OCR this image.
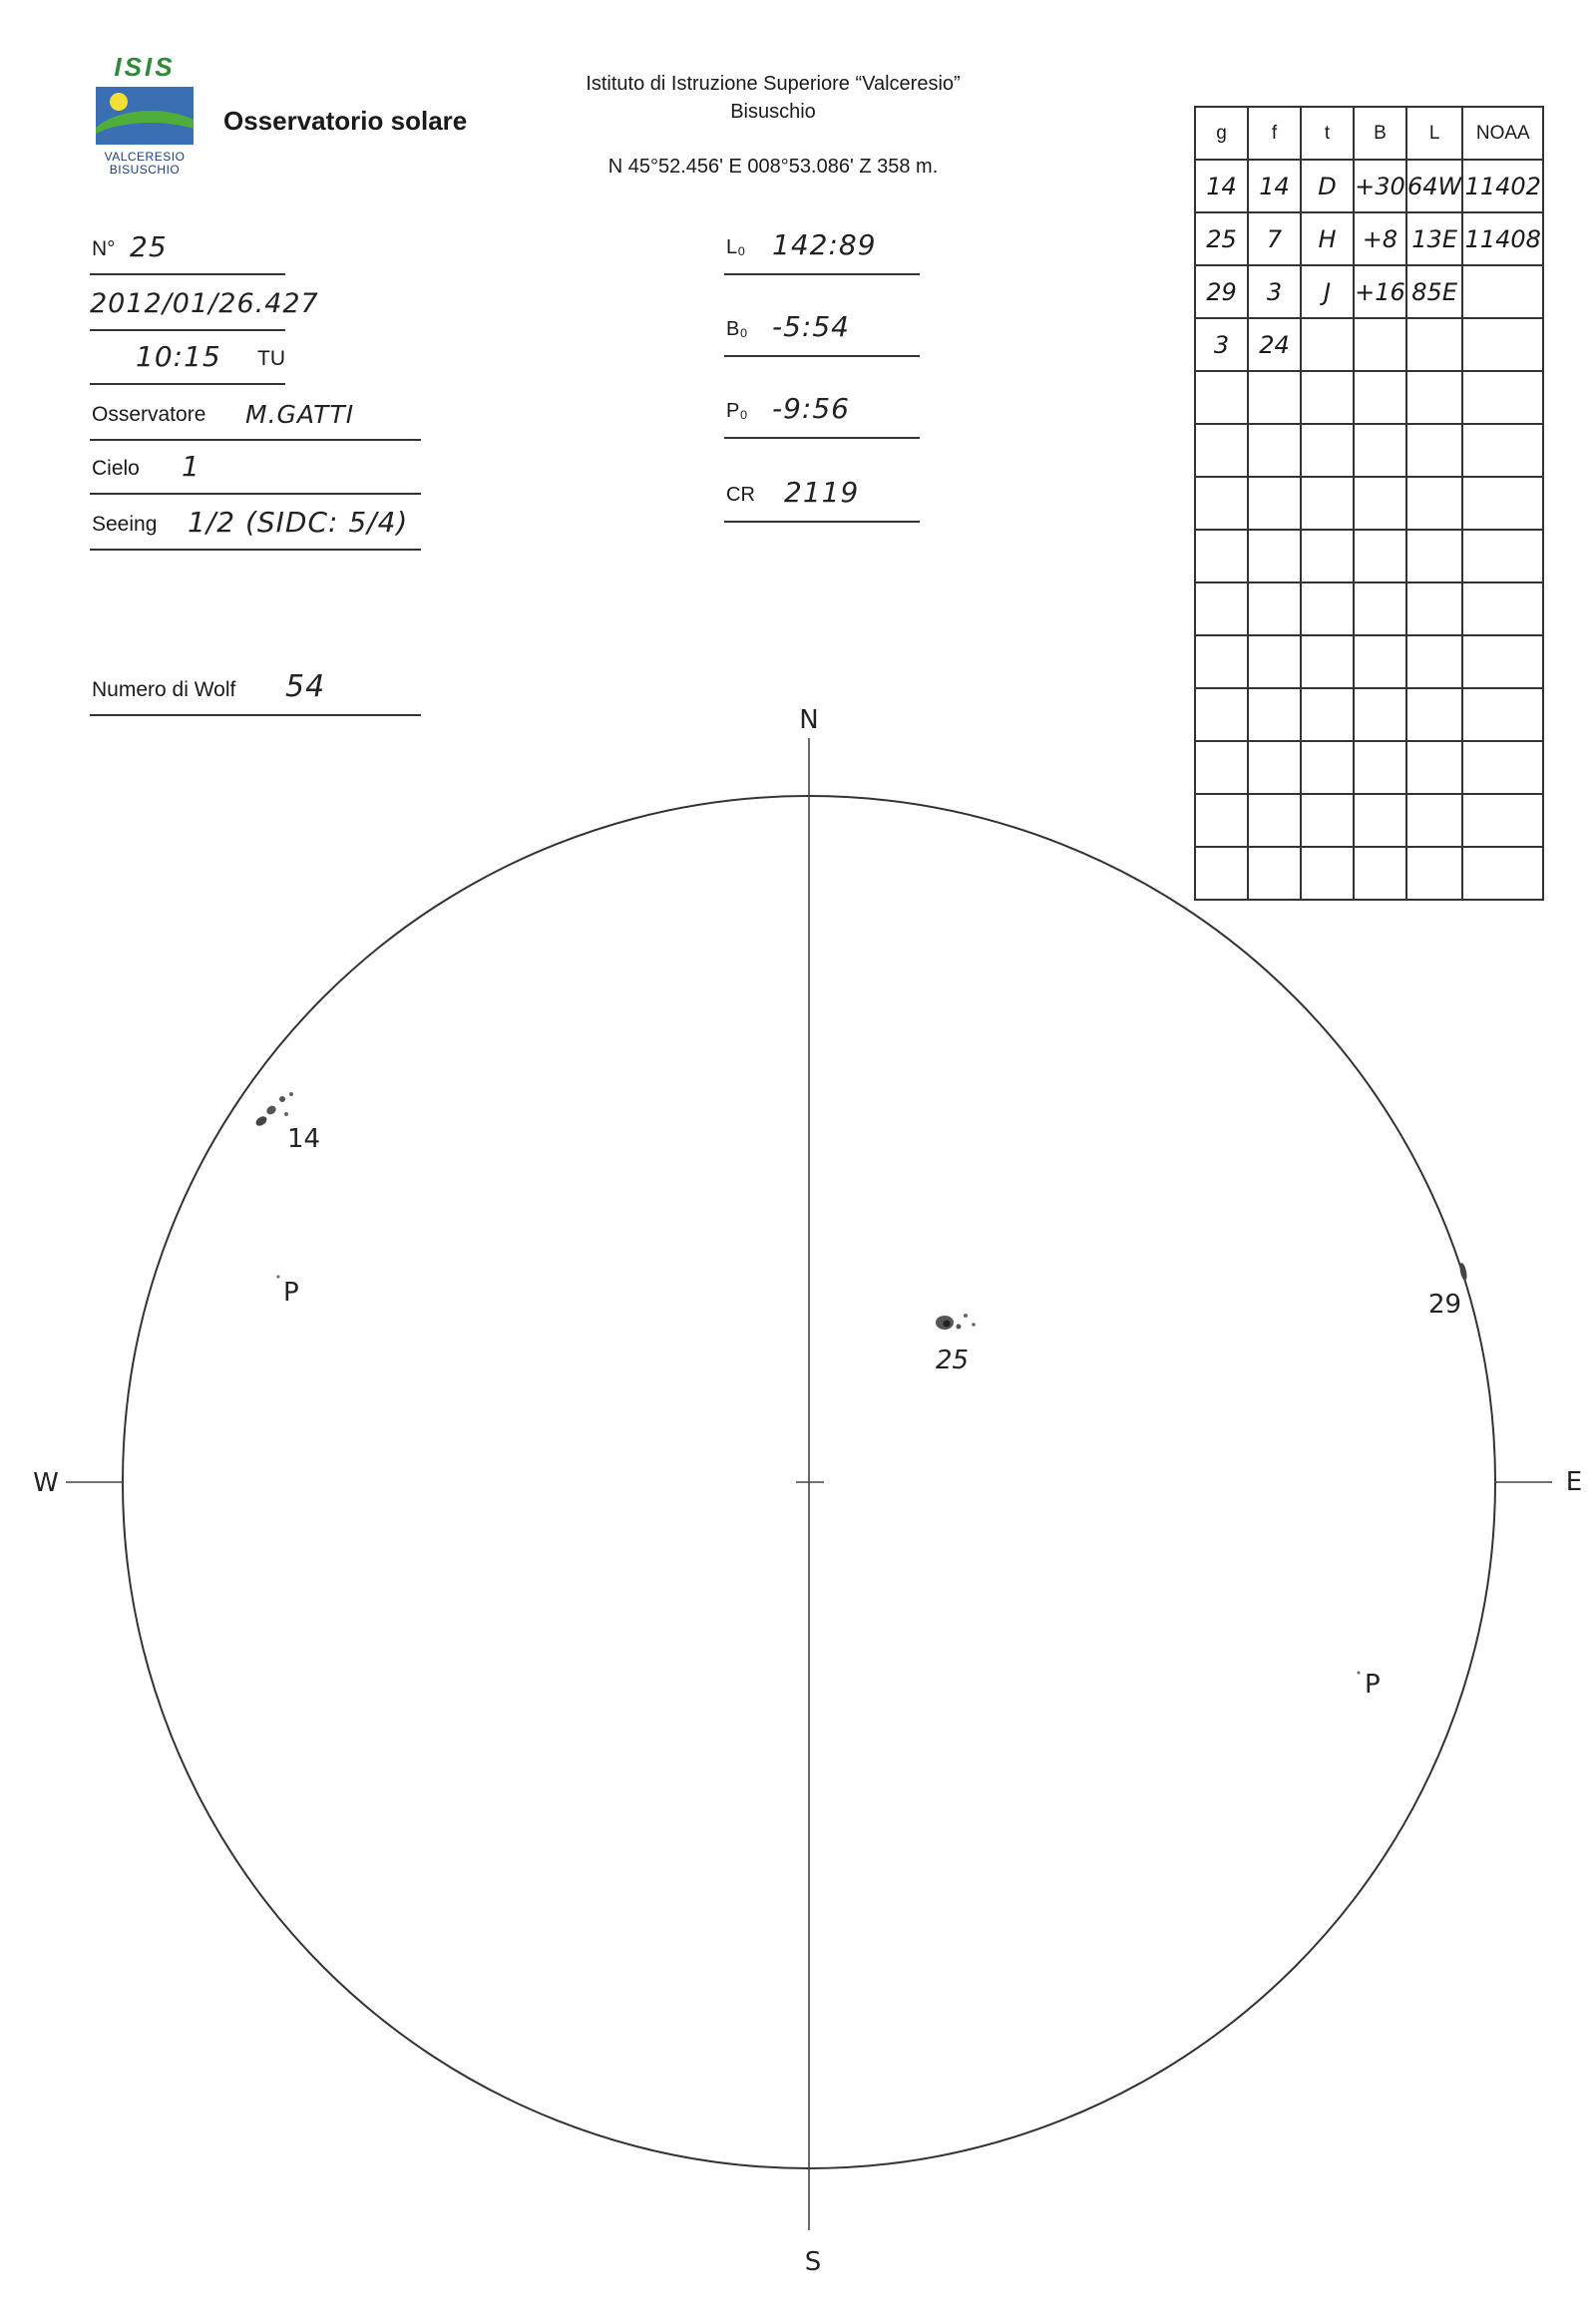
ISIS
VALCERESIO
BISUSCHIO
Osservatorio solare
Istituto di Istruzione Superiore “Valceresio”
Bisuschio
N 45°52.456' E 008°53.086' Z 358 m.
N° 25
2012/01/26.427
10:15 TU
Osservatore M.GATTI
Cielo 1
Seeing 1/2 (SIDC: 5/4)
Numero di Wolf 54
L₀ 142:89
B₀ -5:54
P₀ -9:56
CR 2119
g	f	t	B	L	NOAA
14	14	D	+30	64W	11402
25	7	H	+8	13E	11408
29	3	J	+16	85E	
3	24				

N
S
W	E
14
25
29
P
P
